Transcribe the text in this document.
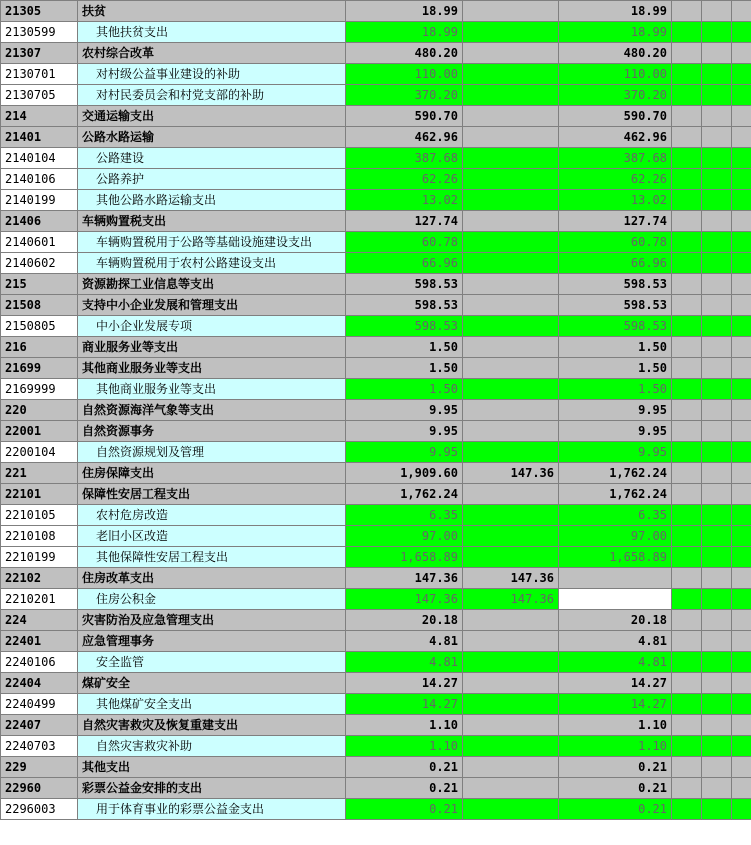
21305	扶贫	18.99		18.99			
2130599	其他扶贫支出	18.99		18.99			
21307	农村综合改革	480.20		480.20			
2130701	对村级公益事业建设的补助	110.00		110.00			
2130705	对村民委员会和村党支部的补助	370.20		370.20			
214	交通运输支出	590.70		590.70			
21401	公路水路运输	462.96		462.96			
2140104	公路建设	387.68		387.68			
2140106	公路养护	62.26		62.26			
2140199	其他公路水路运输支出	13.02		13.02			
21406	车辆购置税支出	127.74		127.74			
2140601	车辆购置税用于公路等基础设施建设支出	60.78		60.78			
2140602	车辆购置税用于农村公路建设支出	66.96		66.96			
215	资源勘探工业信息等支出	598.53		598.53			
21508	支持中小企业发展和管理支出	598.53		598.53			
2150805	中小企业发展专项	598.53		598.53			
216	商业服务业等支出	1.50		1.50			
21699	其他商业服务业等支出	1.50		1.50			
2169999	其他商业服务业等支出	1.50		1.50			
220	自然资源海洋气象等支出	9.95		9.95			
22001	自然资源事务	9.95		9.95			
2200104	自然资源规划及管理	9.95		9.95			
221	住房保障支出	1,909.60	147.36	1,762.24			
22101	保障性安居工程支出	1,762.24		1,762.24			
2210105	农村危房改造	6.35		6.35			
2210108	老旧小区改造	97.00		97.00			
2210199	其他保障性安居工程支出	1,658.89		1,658.89			
22102	住房改革支出	147.36	147.36				
2210201	住房公积金	147.36	147.36				
224	灾害防治及应急管理支出	20.18		20.18			
22401	应急管理事务	4.81		4.81			
2240106	安全监管	4.81		4.81			
22404	煤矿安全	14.27		14.27			
2240499	其他煤矿安全支出	14.27		14.27			
22407	自然灾害救灾及恢复重建支出	1.10		1.10			
2240703	自然灾害救灾补助	1.10		1.10			
229	其他支出	0.21		0.21			
22960	彩票公益金安排的支出	0.21		0.21			
2296003	用于体育事业的彩票公益金支出	0.21		0.21			
